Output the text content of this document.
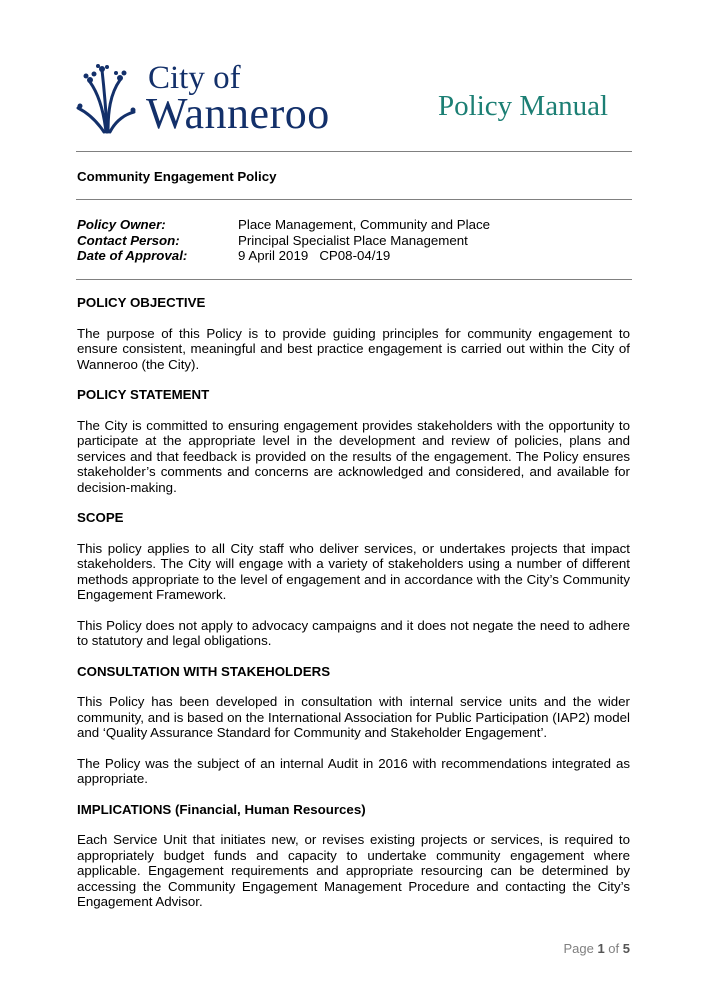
City of
Wanneroo	Policy Manual
Community Engagement Policy
Policy Owner:	Place Management, Community and Place
Contact Person:	Principal Specialist Place Management
Date of Approval:	9 April 2019   CP08-04/19
POLICY OBJECTIVE

The purpose of this Policy is to provide guiding principles for community engagement to ensure consistent, meaningful and best practice engagement is carried out within the City of Wanneroo (the City).

POLICY STATEMENT

The City is committed to ensuring engagement provides stakeholders with the opportunity to participate at the appropriate level in the development and review of policies, plans and services and that feedback is provided on the results of the engagement. The Policy ensures stakeholder’s comments and concerns are acknowledged and considered, and available for decision-making.

SCOPE

This policy applies to all City staff who deliver services, or undertakes projects that impact stakeholders. The City will engage with a variety of stakeholders using a number of different methods appropriate to the level of engagement and in accordance with the City’s Community Engagement Framework.

This Policy does not apply to advocacy campaigns and it does not negate the need to adhere to statutory and legal obligations.

CONSULTATION WITH STAKEHOLDERS

This Policy has been developed in consultation with internal service units and the wider community, and is based on the International Association for Public Participation (IAP2) model and ‘Quality Assurance Standard for Community and Stakeholder Engagement’.

The Policy was the subject of an internal Audit in 2016 with recommendations integrated as appropriate.

IMPLICATIONS (Financial, Human Resources)

Each Service Unit that initiates new, or revises existing projects or services, is required to appropriately budget funds and capacity to undertake community engagement where applicable. Engagement requirements and appropriate resourcing can be determined by accessing the Community Engagement Management Procedure and contacting the City’s Engagement Advisor.

Page 1 of 5
